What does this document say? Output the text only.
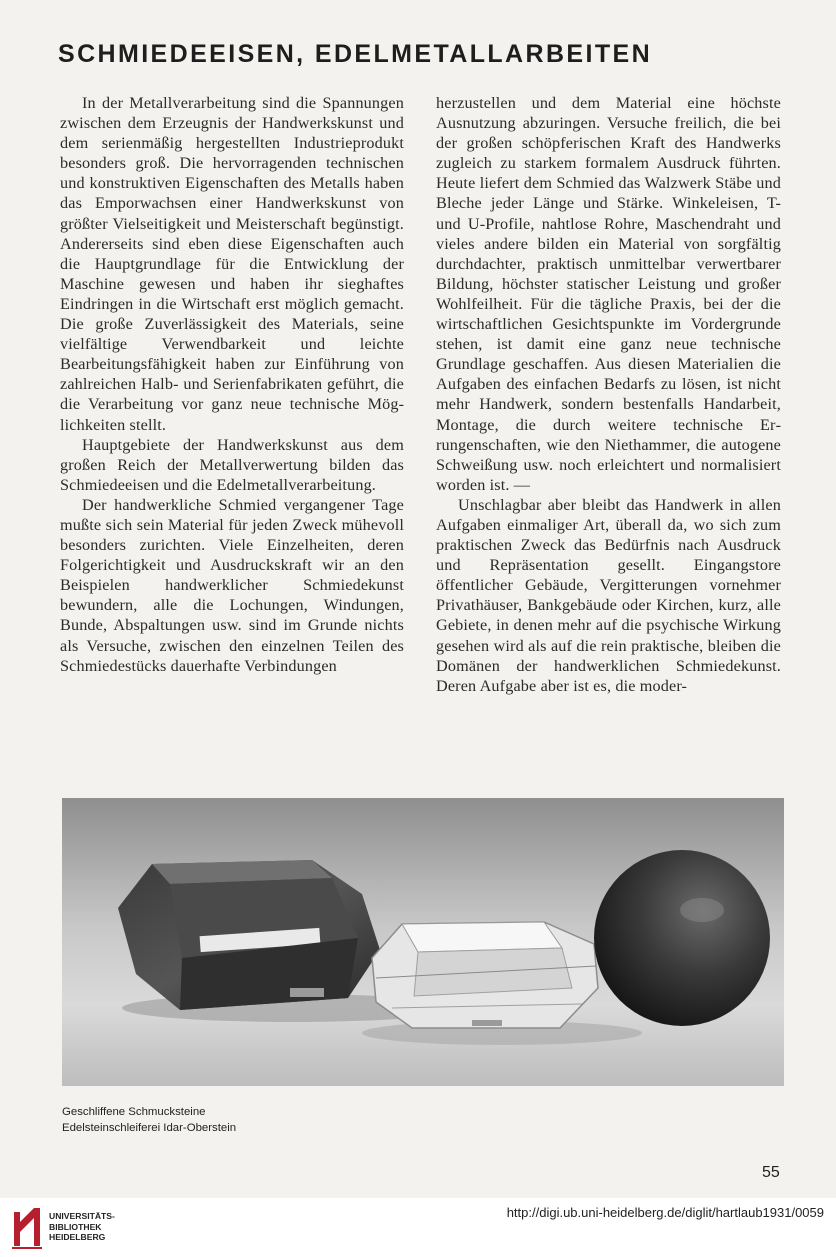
SCHMIEDEEISEN, EDELMETALLARBEITEN

In der Metallverarbeitung sind die Spannungen zwischen dem Erzeugnis der Handwerkskunst und dem serienmäßig hergestellten Industrieprodukt besonders groß. Die hervorragenden technischen und konstruktiven Eigenschaften des Metalls haben das Emporwachsen einer Handwerkskunst von größter Vielseitigkeit und Meisterschaft begünstigt. Andererseits sind eben diese Eigenschaften auch die Hauptgrundlage für die Entwicklung der Maschine gewesen und haben ihr sieghaftes Eindringen in die Wirtschaft erst möglich gemacht. Die große Zuverlässigkeit des Materials, seine vielfältige Verwendbarkeit und leichte Bearbeitungsfähigkeit haben zur Einführung von zahlreichen Halb- und Serienfabrikaten geführt, die die Verarbeitung vor ganz neue technische Möglichkeiten stellt.

Hauptgebiete der Handwerkskunst aus dem großen Reich der Metallverwertung bilden das Schmiedeeisen und die Edelmetallverarbeitung.

Der handwerkliche Schmied vergangener Tage mußte sich sein Material für jeden Zweck mühevoll besonders zurichten. Viele Einzelheiten, deren Folgerichtigkeit und Ausdruckskraft wir an den Beispielen handwerklicher Schmiedekunst bewundern, alle die Lochungen, Windungen, Bunde, Abspaltungen usw. sind im Grunde nichts als Versuche, zwischen den einzelnen Teilen des Schmiedestücks dauerhafte Verbindungen

herzustellen und dem Material eine höchste Ausnutzung abzuringen. Versuche freilich, die bei der großen schöpferischen Kraft des Handwerks zugleich zu starkem formalem Ausdruck führten. Heute liefert dem Schmied das Walzwerk Stäbe und Bleche jeder Länge und Stärke. Winkeleisen, T- und U-Profile, nahtlose Rohre, Maschendraht und vieles andere bilden ein Material von sorgfältig durchdachter, praktisch unmittelbar verwertbarer Bildung, höchster statischer Leistung und großer Wohlfeilheit. Für die tägliche Praxis, bei der die wirtschaftlichen Gesichtspunkte im Vordergrunde stehen, ist damit eine ganz neue technische Grundlage geschaffen. Aus diesen Materialien die Aufgaben des einfachen Bedarfs zu lösen, ist nicht mehr Handwerk, sondern bestenfalls Handarbeit, Montage, die durch weitere technische Errungenschaften, wie den Niethammer, die autogene Schweißung usw. noch erleichtert und normalisiert worden ist. —

Unschlagbar aber bleibt das Handwerk in allen Aufgaben einmaliger Art, überall da, wo sich zum praktischen Zweck das Bedürfnis nach Ausdruck und Repräsentation gesellt. Eingangstore öffentlicher Gebäude, Vergitterungen vornehmer Privathäuser, Bankgebäude oder Kirchen, kurz, alle Gebiete, in denen mehr auf die psychische Wirkung gesehen wird als auf die rein praktische, bleiben die Domänen der handwerklichen Schmiedekunst. Deren Aufgabe aber ist es, die moder-

Geschliffene Schmucksteine
Edelsteinschleiferei Idar-Oberstein
55
UNIVERSITÄTS-
BIBLIOTHEK
HEIDELBERG
http://digi.ub.uni-heidelberg.de/diglit/hartlaub1931/0059
